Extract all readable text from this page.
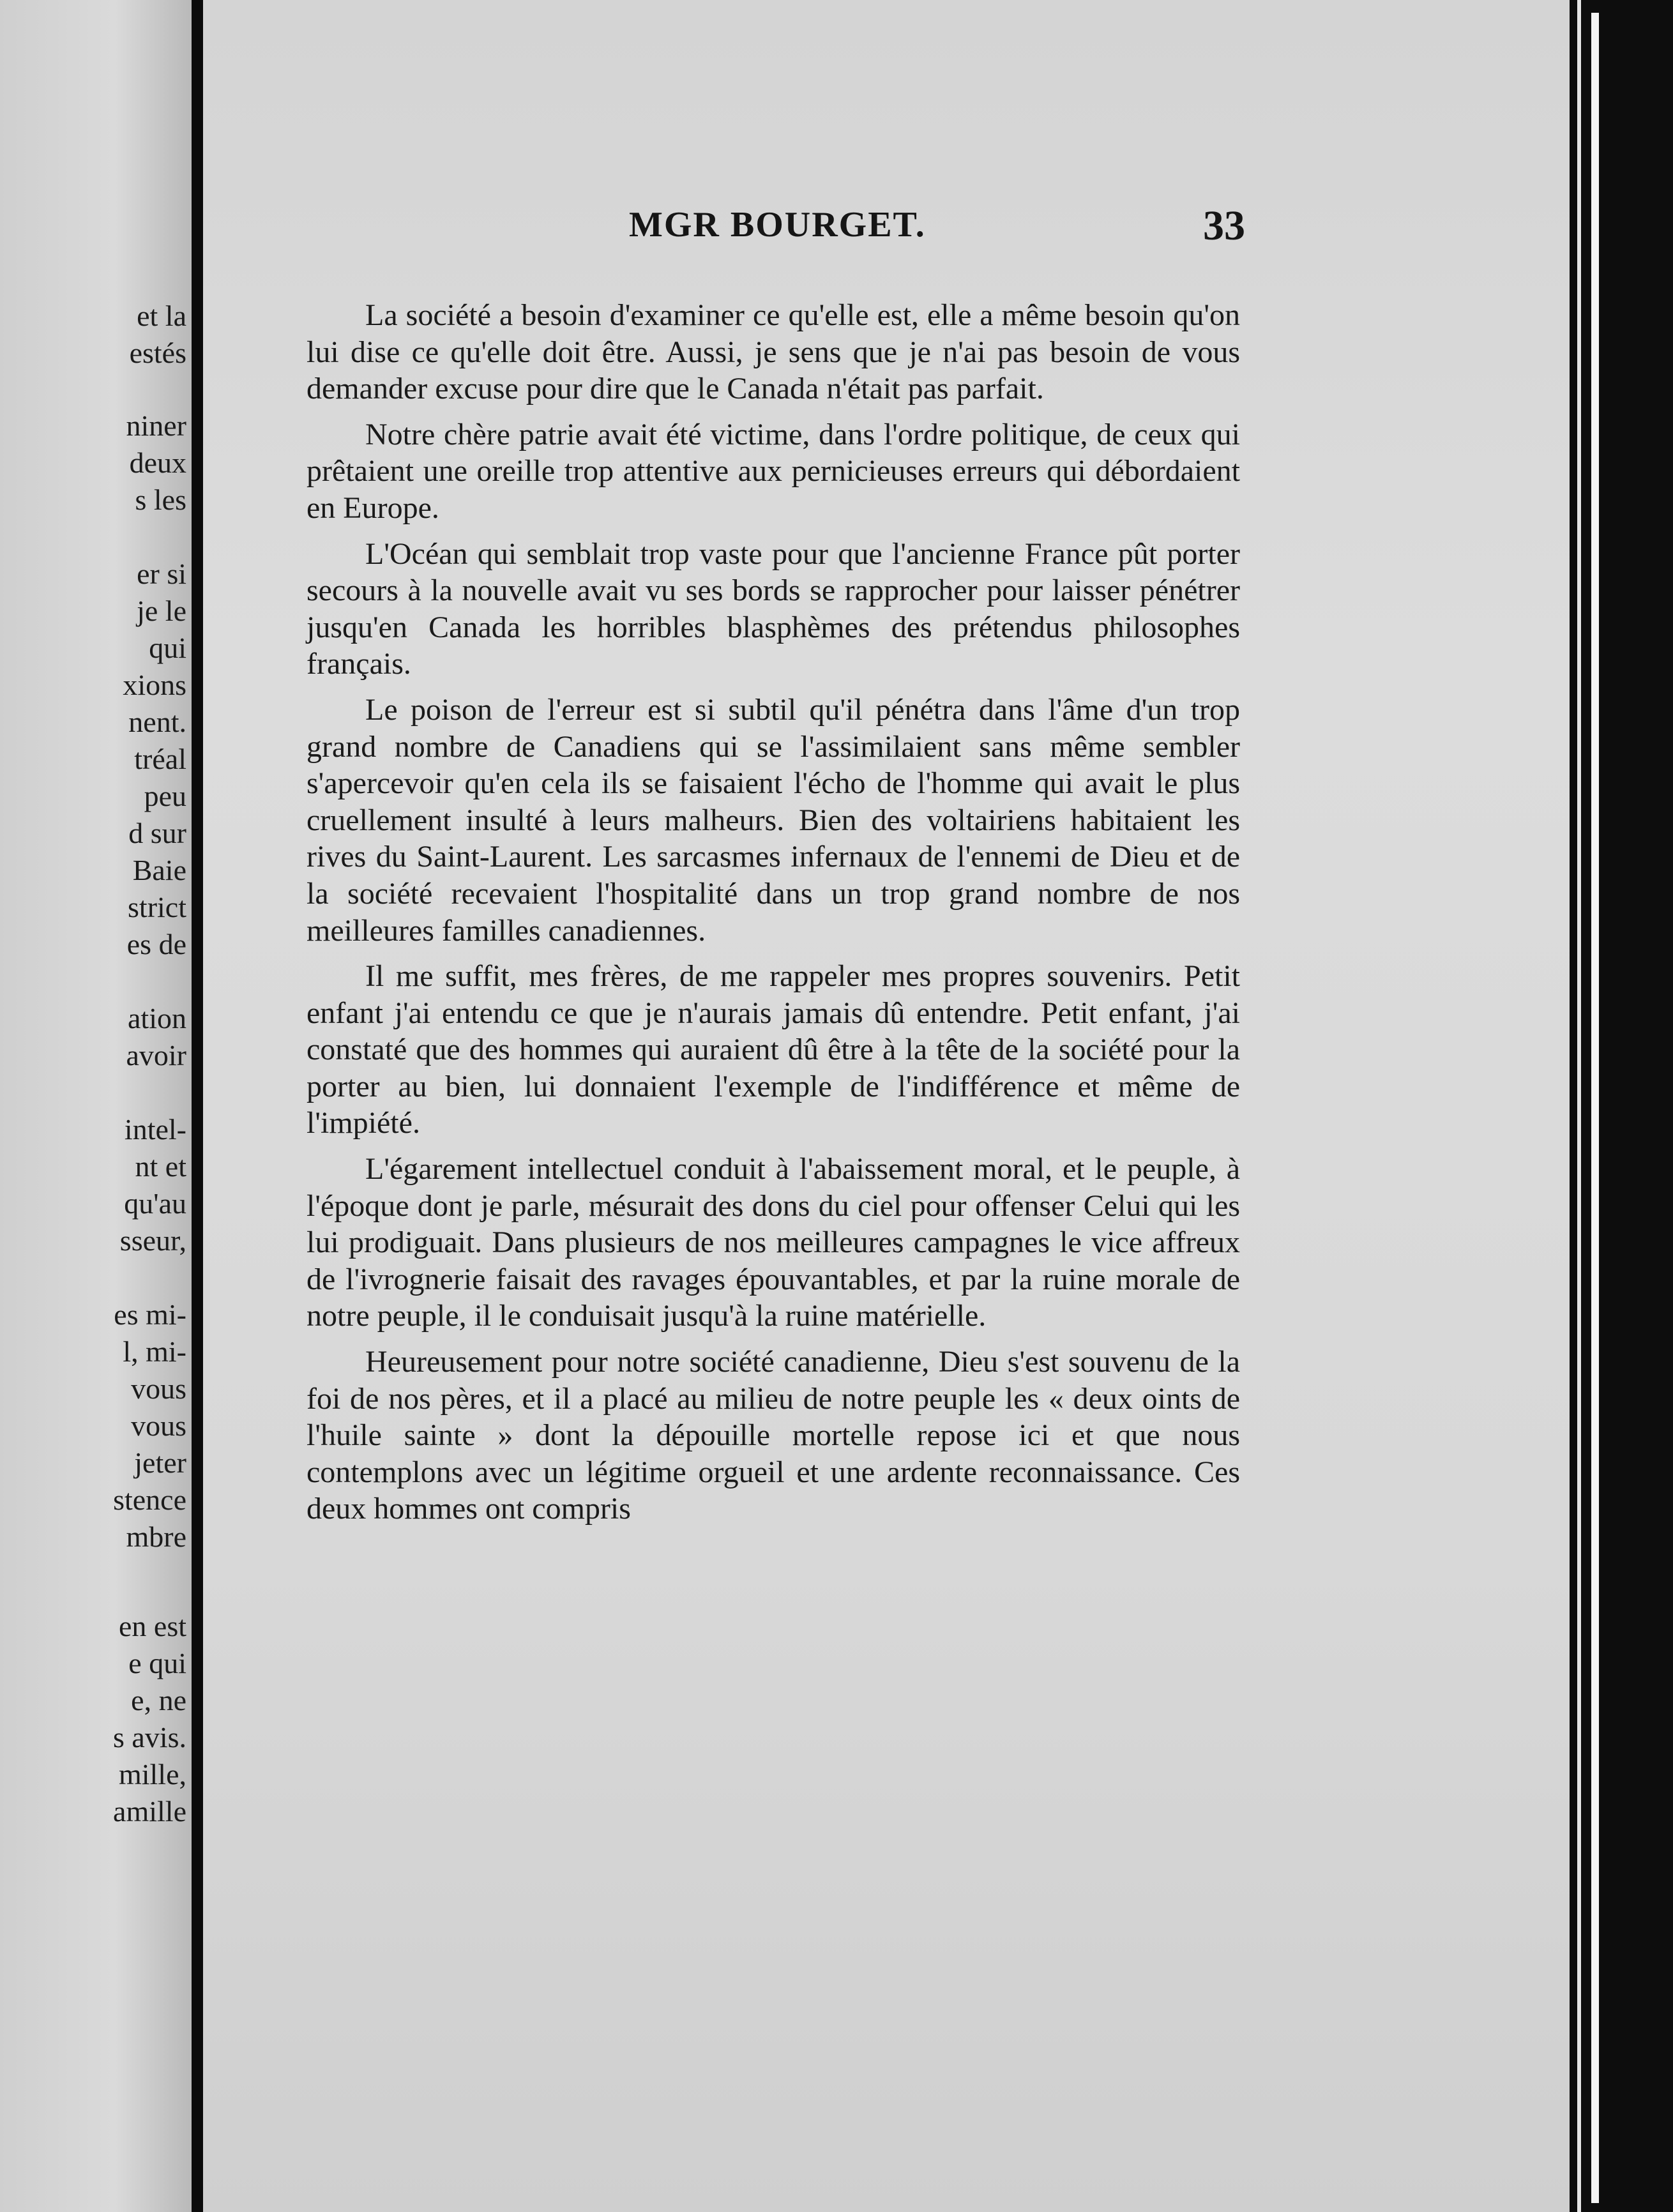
et la
estés
niner
deux
s les
er si
je le
qui
xions
nent.
tréal
peu
d sur
Baie
strict
es de
ation
avoir
intel-
nt et
qu'au
sseur,
es mi-
l, mi-
vous
vous
jeter
stence
mbre
en est
e qui
e, ne
s avis.
mille,
amille
MGR BOURGET.	33

La société a besoin d'examiner ce qu'elle est, elle a même besoin qu'on lui dise ce qu'elle doit être. Aussi, je sens que je n'ai pas besoin de vous demander excuse pour dire que le Canada n'était pas parfait.

Notre chère patrie avait été victime, dans l'ordre politique, de ceux qui prêtaient une oreille trop attentive aux pernicieuses erreurs qui débordaient en Europe.

L'Océan qui semblait trop vaste pour que l'ancienne France pût porter secours à la nouvelle avait vu ses bords se rapprocher pour laisser pénétrer jusqu'en Canada les horribles blasphèmes des prétendus philosophes français.

Le poison de l'erreur est si subtil qu'il pénétra dans l'âme d'un trop grand nombre de Canadiens qui se l'assimilaient sans même sembler s'apercevoir qu'en cela ils se faisaient l'écho de l'homme qui avait le plus cruellement insulté à leurs malheurs. Bien des voltairiens habitaient les rives du Saint-Laurent. Les sarcasmes infernaux de l'ennemi de Dieu et de la société recevaient l'hospitalité dans un trop grand nombre de nos meilleures familles canadiennes.

Il me suffit, mes frères, de me rappeler mes propres souvenirs. Petit enfant j'ai entendu ce que je n'aurais jamais dû entendre. Petit enfant, j'ai constaté que des hommes qui auraient dû être à la tête de la société pour la porter au bien, lui donnaient l'exemple de l'indifférence et même de l'impiété.

L'égarement intellectuel conduit à l'abaissement moral, et le peuple, à l'époque dont je parle, mésurait des dons du ciel pour offenser Celui qui les lui prodiguait. Dans plusieurs de nos meilleures campagnes le vice affreux de l'ivrognerie faisait des ravages épouvantables, et par la ruine morale de notre peuple, il le conduisait jusqu'à la ruine matérielle.

Heureusement pour notre société canadienne, Dieu s'est souvenu de la foi de nos pères, et il a placé au milieu de notre peuple les « deux oints de l'huile sainte » dont la dépouille mortelle repose ici et que nous contemplons avec un légitime orgueil et une ardente reconnaissance. Ces deux hommes ont compris
